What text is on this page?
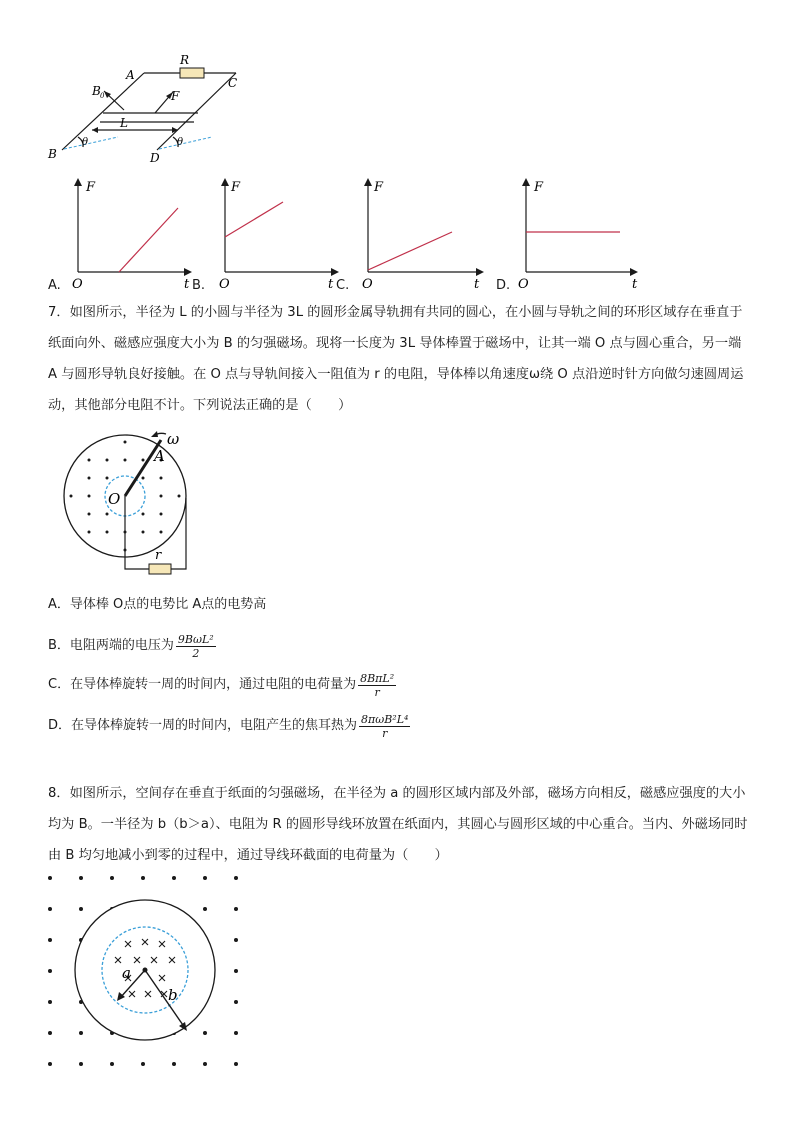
A
R
C
F
B 0
L
B	D
θ	θ
F
O	t
A.
F
O	t
B.
F
O	t
C.
F
O	t
D.
7．如图所示，半径为 L 的小圆与半径为 3L 的圆形金属导轨拥有共同的圆心，在小圆与导轨之间的环形区域存在垂直于纸面向外、磁感应强度大小为 B 的匀强磁场。现将一长度为 3L 导体棒置于磁场中，让其一端 O 点与圆心重合，另一端 A 与圆形导轨良好接触。在 O 点与导轨间接入一阻值为 r 的电阻，导体棒以角速度ω绕 O 点沿逆时针方向做匀速圆周运动，其他部分电阻不计。下列说法正确的是（　　）
ω
A
O
r
A．导体棒 O点的电势比 A点的电势高
B．电阻两端的电压为 $\frac{\text{9BωL²}}{2}$
C．在导体棒旋转一周的时间内，通过电阻的电荷量为 $\frac{\text{8BπL²}}{r}$
D．在导体棒旋转一周的时间内，电阻产生的焦耳热为 $\frac{\text{8πωB²L⁴}}{r}$
8．如图所示，空间存在垂直于纸面的匀强磁场，在半径为 a 的圆形区域内部及外部，磁场方向相反，磁感应强度的大小均为 B。一半径为 b（b＞a）、电阻为 R 的圆形导线环放置在纸面内，其圆心与圆形区域的中心重合。当内、外磁场同时由 B 均匀地减小到零的过程中，通过导线环截面的电荷量为（　　）
a
b
